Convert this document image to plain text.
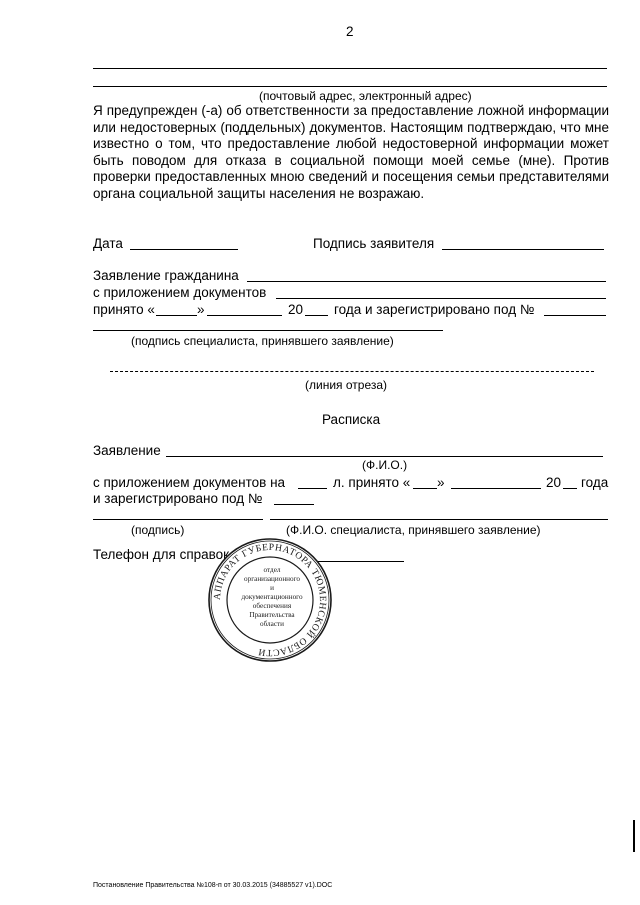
2
(почтовый адрес, электронный адрес)
Я предупрежден (-а) об ответственности за предоставление ложной информации или недостоверных (поддельных) документов. Настоящим подтверждаю, что мне известно о том, что предоставление любой недостоверной информации может быть поводом для отказа в социальной помощи моей семье (мне). Против проверки предоставленных мною сведений и посещения семьи представителями органа социальной защиты населения не возражаю.
Дата	Подпись заявителя
Заявление гражданина
с приложением документов
принято «	»	20 года и зарегистрировано под №
(подпись специалиста, принявшего заявление)
(линия отреза)
Расписка
Заявление
(Ф.И.О.)
с приложением документов на	л. принято « »	20 года
и зарегистрировано под №
(подпись)	(Ф.И.О. специалиста, принявшего заявление)
Телефон для справок
АППАРАТ ГУБЕРНАТОРА ТЮМЕНСКОЙ ОБЛАСТИ
отдел
организационного
и
документационного
обеспечения
Правительства
области
Постановление Правительства №108-п от 30.03.2015 (34885527 v1).DOC
